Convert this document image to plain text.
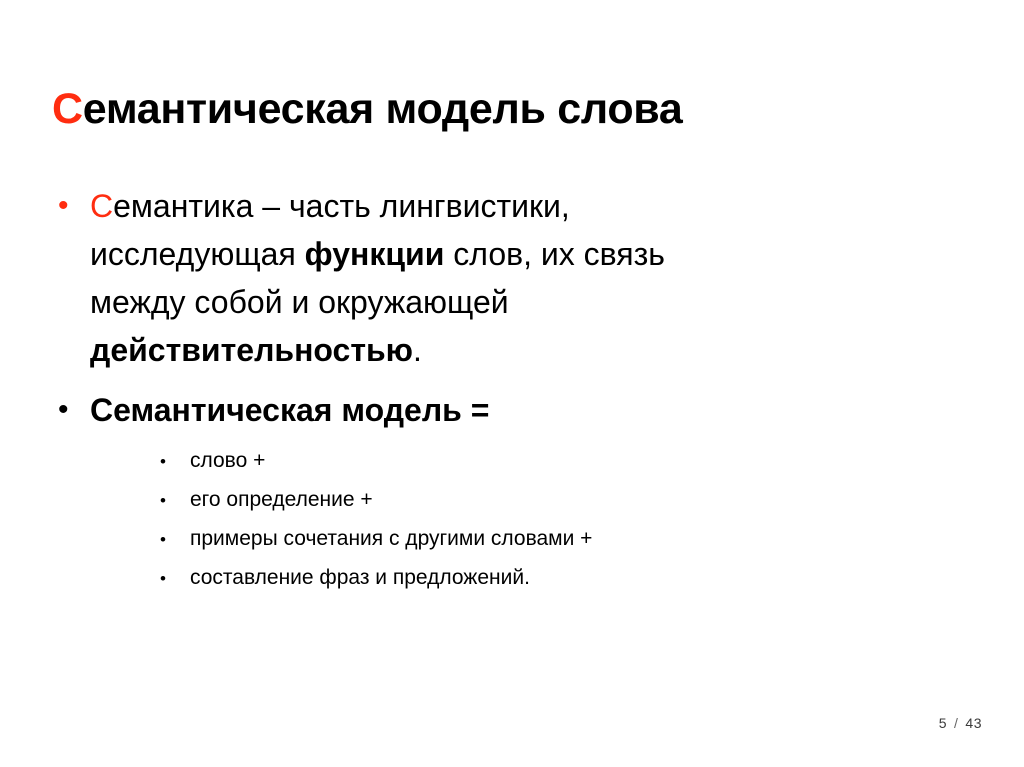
Семантическая модель слова
• Семантика – часть лингвистики, исследующая функции слов, их связь между собой и окружающей действительностью.
• Семантическая модель =
•	слово +
•	его определение +
•	примеры сочетания с другими словами +
•	составление фраз и предложений.
5 / 43
